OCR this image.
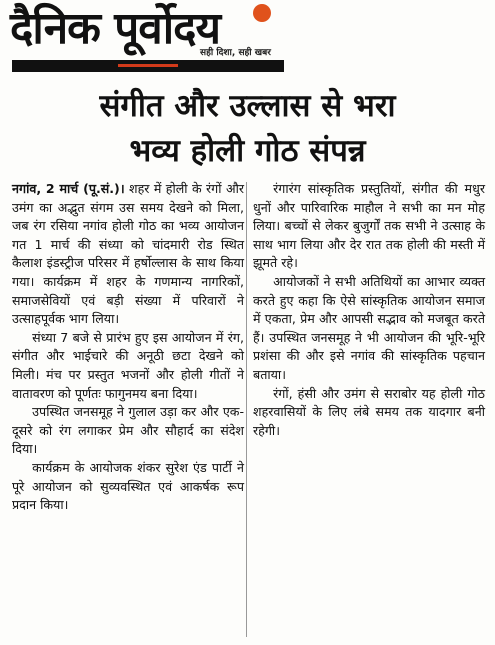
दैनिक पूर्वोदय
सही दिशा, सही खबर
संगीत और उल्लास से भरा
भव्य होली गोठ संपन्न

नगांव, 2 मार्च (पू.सं.)। शहर में होली के रंगों और उमंग का अद्भुत संगम उस समय देखने को मिला, जब रंग रसिया नगांव होली गोठ का भव्य आयोजन गत 1 मार्च की संध्या को चांदमारी रोड स्थित कैलाश इंडस्ट्रीज परिसर में हर्षोल्लास के साथ किया गया। कार्यक्रम में शहर के गणमान्य नागरिकों, समाजसेवियों एवं बड़ी संख्या में परिवारों ने उत्साहपूर्वक भाग लिया।

संध्या 7 बजे से प्रारंभ हुए इस आयोजन में रंग, संगीत और भाईचारे की अनूठी छटा देखने को मिली। मंच पर प्रस्तुत भजनों और होली गीतों ने वातावरण को पूर्णतः फागुनमय बना दिया।

उपस्थित जनसमूह ने गुलाल उड़ा कर और एक-दूसरे को रंग लगाकर प्रेम और सौहार्द का संदेश दिया।

कार्यक्रम के आयोजक शंकर सुरेश एंड पार्टी ने पूरे आयोजन को सुव्यवस्थित एवं आकर्षक रूप प्रदान किया।

रंगारंग सांस्कृतिक प्रस्तुतियों, संगीत की मधुर धुनों और पारिवारिक माहौल ने सभी का मन मोह लिया। बच्चों से लेकर बुजुर्गों तक सभी ने उत्साह के साथ भाग लिया और देर रात तक होली की मस्ती में झूमते रहे।

आयोजकों ने सभी अतिथियों का आभार व्यक्त करते हुए कहा कि ऐसे सांस्कृतिक आयोजन समाज में एकता, प्रेम और आपसी सद्भाव को मजबूत करते हैं। उपस्थित जनसमूह ने भी आयोजन की भूरि-भूरि प्रशंसा की और इसे नगांव की सांस्कृतिक पहचान बताया।

रंगों, हंसी और उमंग से सराबोर यह होली गोठ शहरवासियों के लिए लंबे समय तक यादगार बनी रहेगी।
